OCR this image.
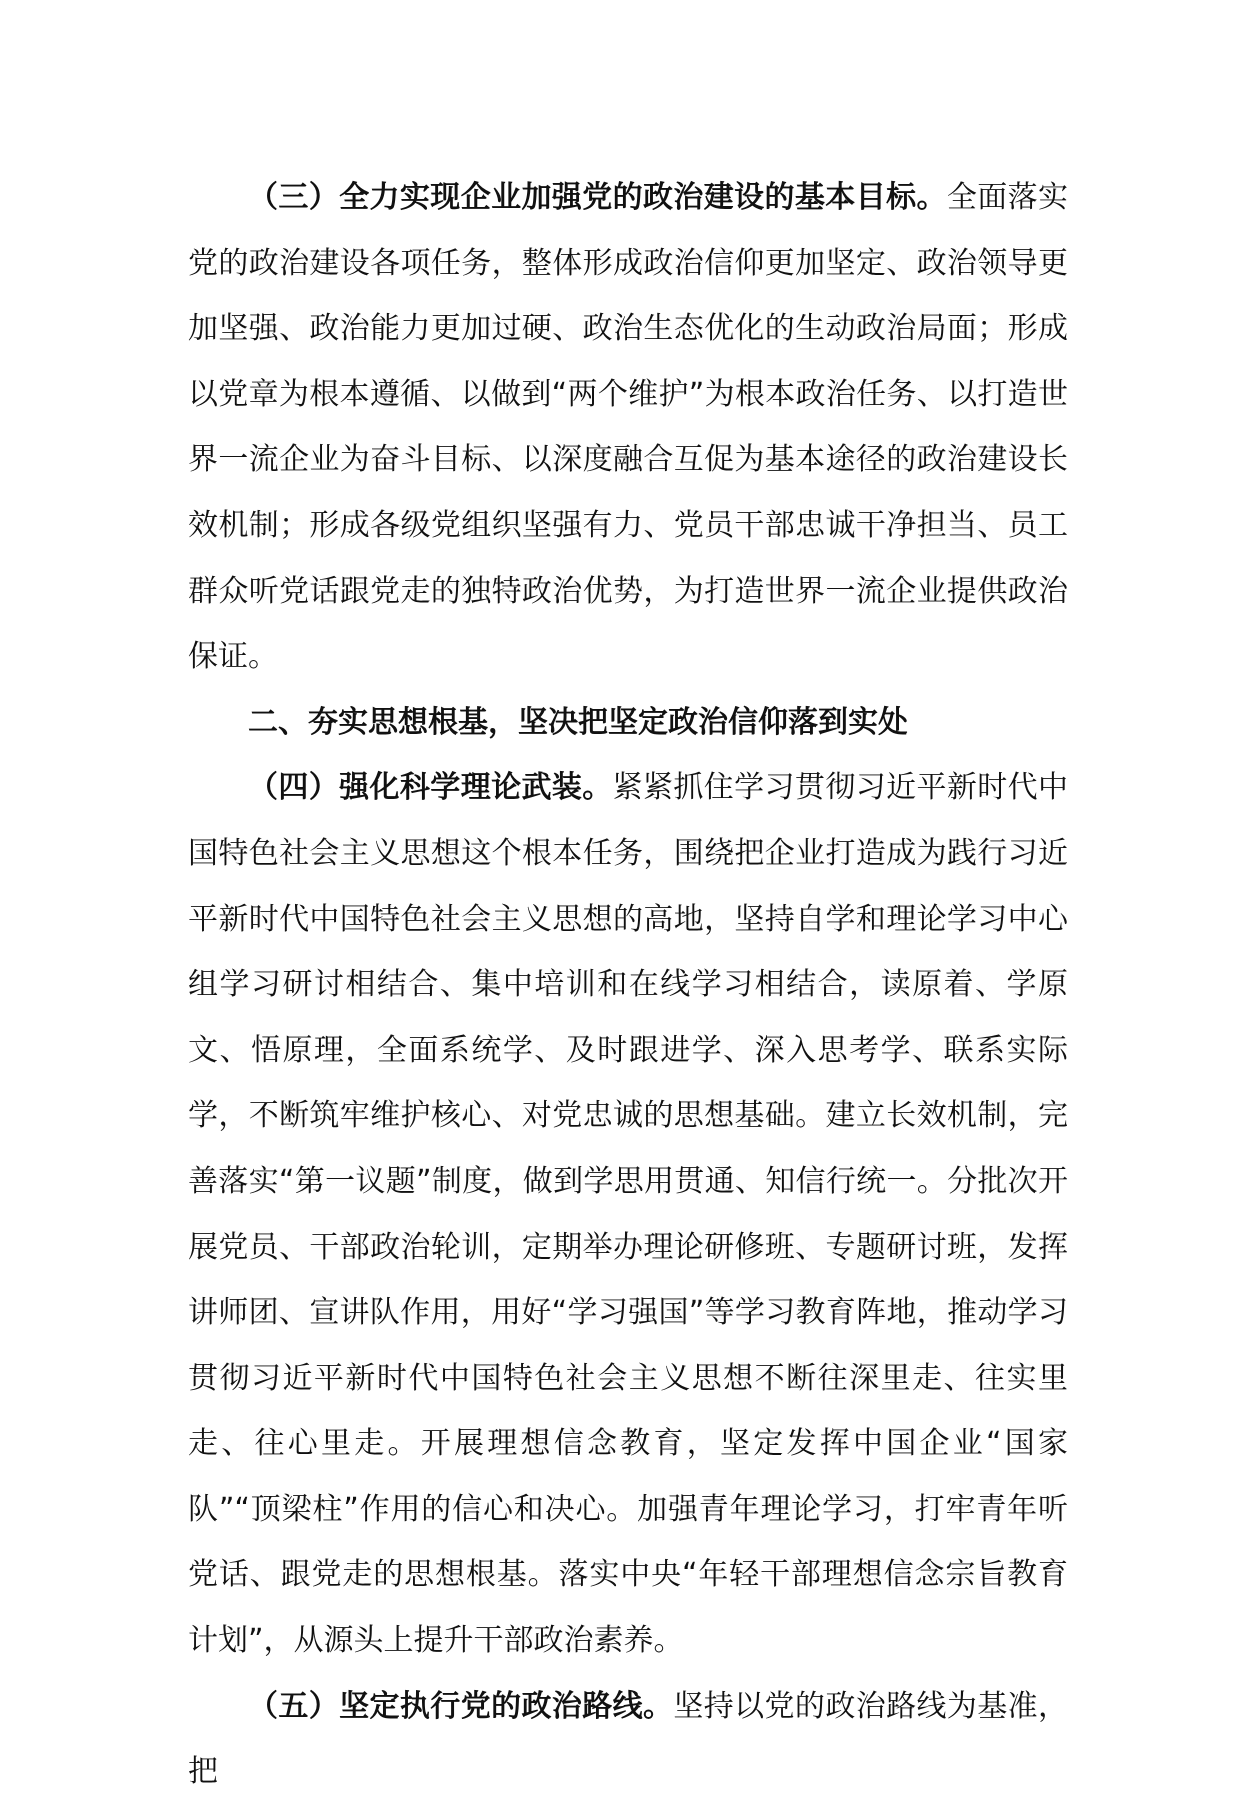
（三）全力实现企业加强党的政治建设的基本目标。全面落实党的政治建设各项任务，整体形成政治信仰更加坚定、政治领导更加坚强、政治能力更加过硬、政治生态优化的生动政治局面；形成以党章为根本遵循、以做到“两个维护”为根本政治任务、以打造世界一流企业为奋斗目标、以深度融合互促为基本途径的政治建设长效机制；形成各级党组织坚强有力、党员干部忠诚干净担当、员工群众听党话跟党走的独特政治优势，为打造世界一流企业提供政治保证。

二、夯实思想根基，坚决把坚定政治信仰落到实处

（四）强化科学理论武装。紧紧抓住学习贯彻习近平新时代中国特色社会主义思想这个根本任务，围绕把企业打造成为践行习近平新时代中国特色社会主义思想的高地，坚持自学和理论学习中心组学习研讨相结合、集中培训和在线学习相结合，读原着、学原文、悟原理，全面系统学、及时跟进学、深入思考学、联系实际学，不断筑牢维护核心、对党忠诚的思想基础。建立长效机制，完善落实“第一议题”制度，做到学思用贯通、知信行统一。分批次开展党员、干部政治轮训，定期举办理论研修班、专题研讨班，发挥讲师团、宣讲队作用，用好“学习强国”等学习教育阵地，推动学习贯彻习近平新时代中国特色社会主义思想不断往深里走、往实里走、往心里走。开展理想信念教育，坚定发挥中国企业“国家队”“顶梁柱”作用的信心和决心。加强青年理论学习，打牢青年听党话、跟党走的思想根基。落实中央“年轻干部理想信念宗旨教育计划”，从源头上提升干部政治素养。

（五）坚定执行党的政治路线。坚持以党的政治路线为基准，把
